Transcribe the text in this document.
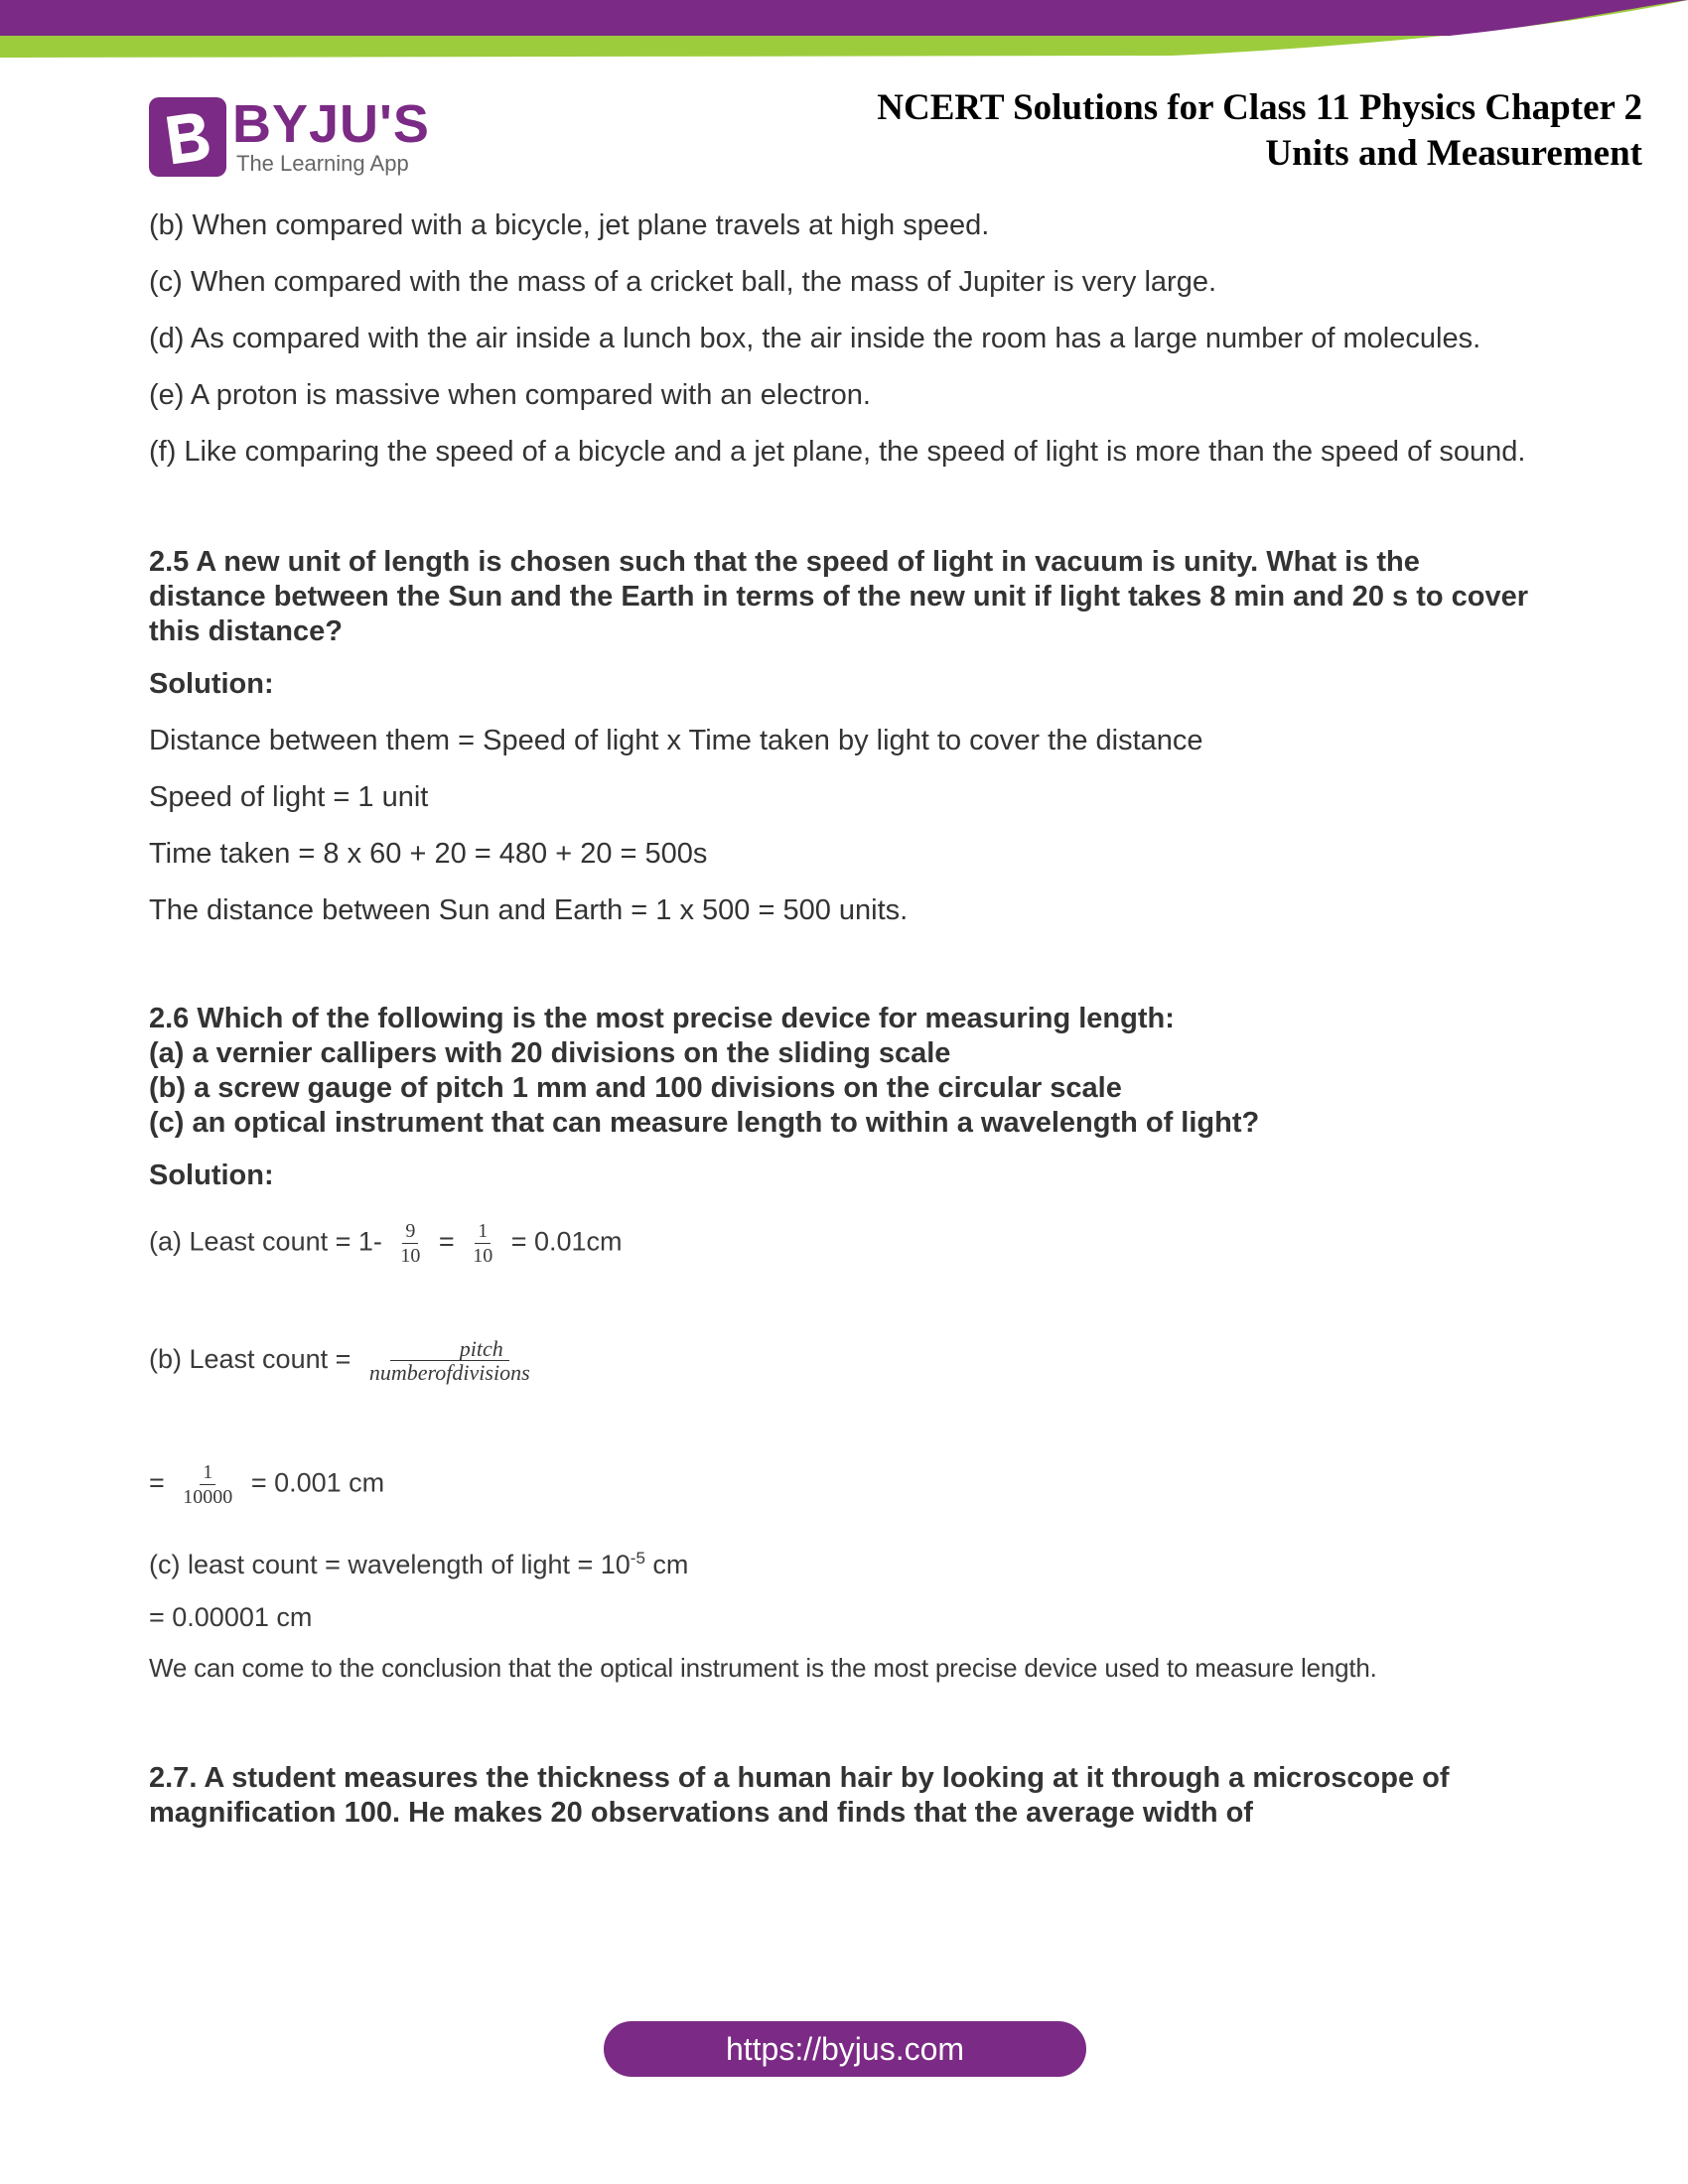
BYJU'S
The Learning App
NCERT Solutions for Class 11 Physics Chapter 2
Units and Measurement

(b) When compared with a bicycle, jet plane travels at high speed.

(c) When compared with the mass of a cricket ball, the mass of Jupiter is very large.

(d) As compared with the air inside a lunch box, the air inside the room has a large number of molecules.

(e) A proton is massive when compared with an electron.

(f) Like comparing the speed of a bicycle and a jet plane, the speed of light is more than the speed of sound.

2.5 A new unit of length is chosen such that the speed of light in vacuum is unity. What is the distance between the Sun and the Earth in terms of the new unit if light takes 8 min and 20 s to cover this distance?

Solution:

Distance between them = Speed of light x Time taken by light to cover the distance

Speed of light = 1 unit

Time taken = 8 x 60 + 20 = 480 + 20 = 500s

The distance between Sun and Earth = 1 x 500 = 500 units.

2.6 Which of the following is the most precise device for measuring length:
(a) a vernier callipers with 20 divisions on the sliding scale
(b) a screw gauge of pitch 1 mm and 100 divisions on the circular scale
(c) an optical instrument that can measure length to within a wavelength of light?

Solution:

(a) Least count = $1- \frac{9}{10} = \frac{1}{10} = 0.01cm$
(b) Least count = $\frac{\text{pitch}}{\text{numberofdivisions}}$
= $\frac{1}{10000} = 0.001$ cm
(c) least count = wavelength of light = $10^{-5}$ cm
= 0.00001 cm
We can come to the conclusion that the optical instrument is the most precise device used to measure length.

2.7. A student measures the thickness of a human hair by looking at it through a microscope of magnification 100. He makes 20 observations and finds that the average width of

https://byjus.com
